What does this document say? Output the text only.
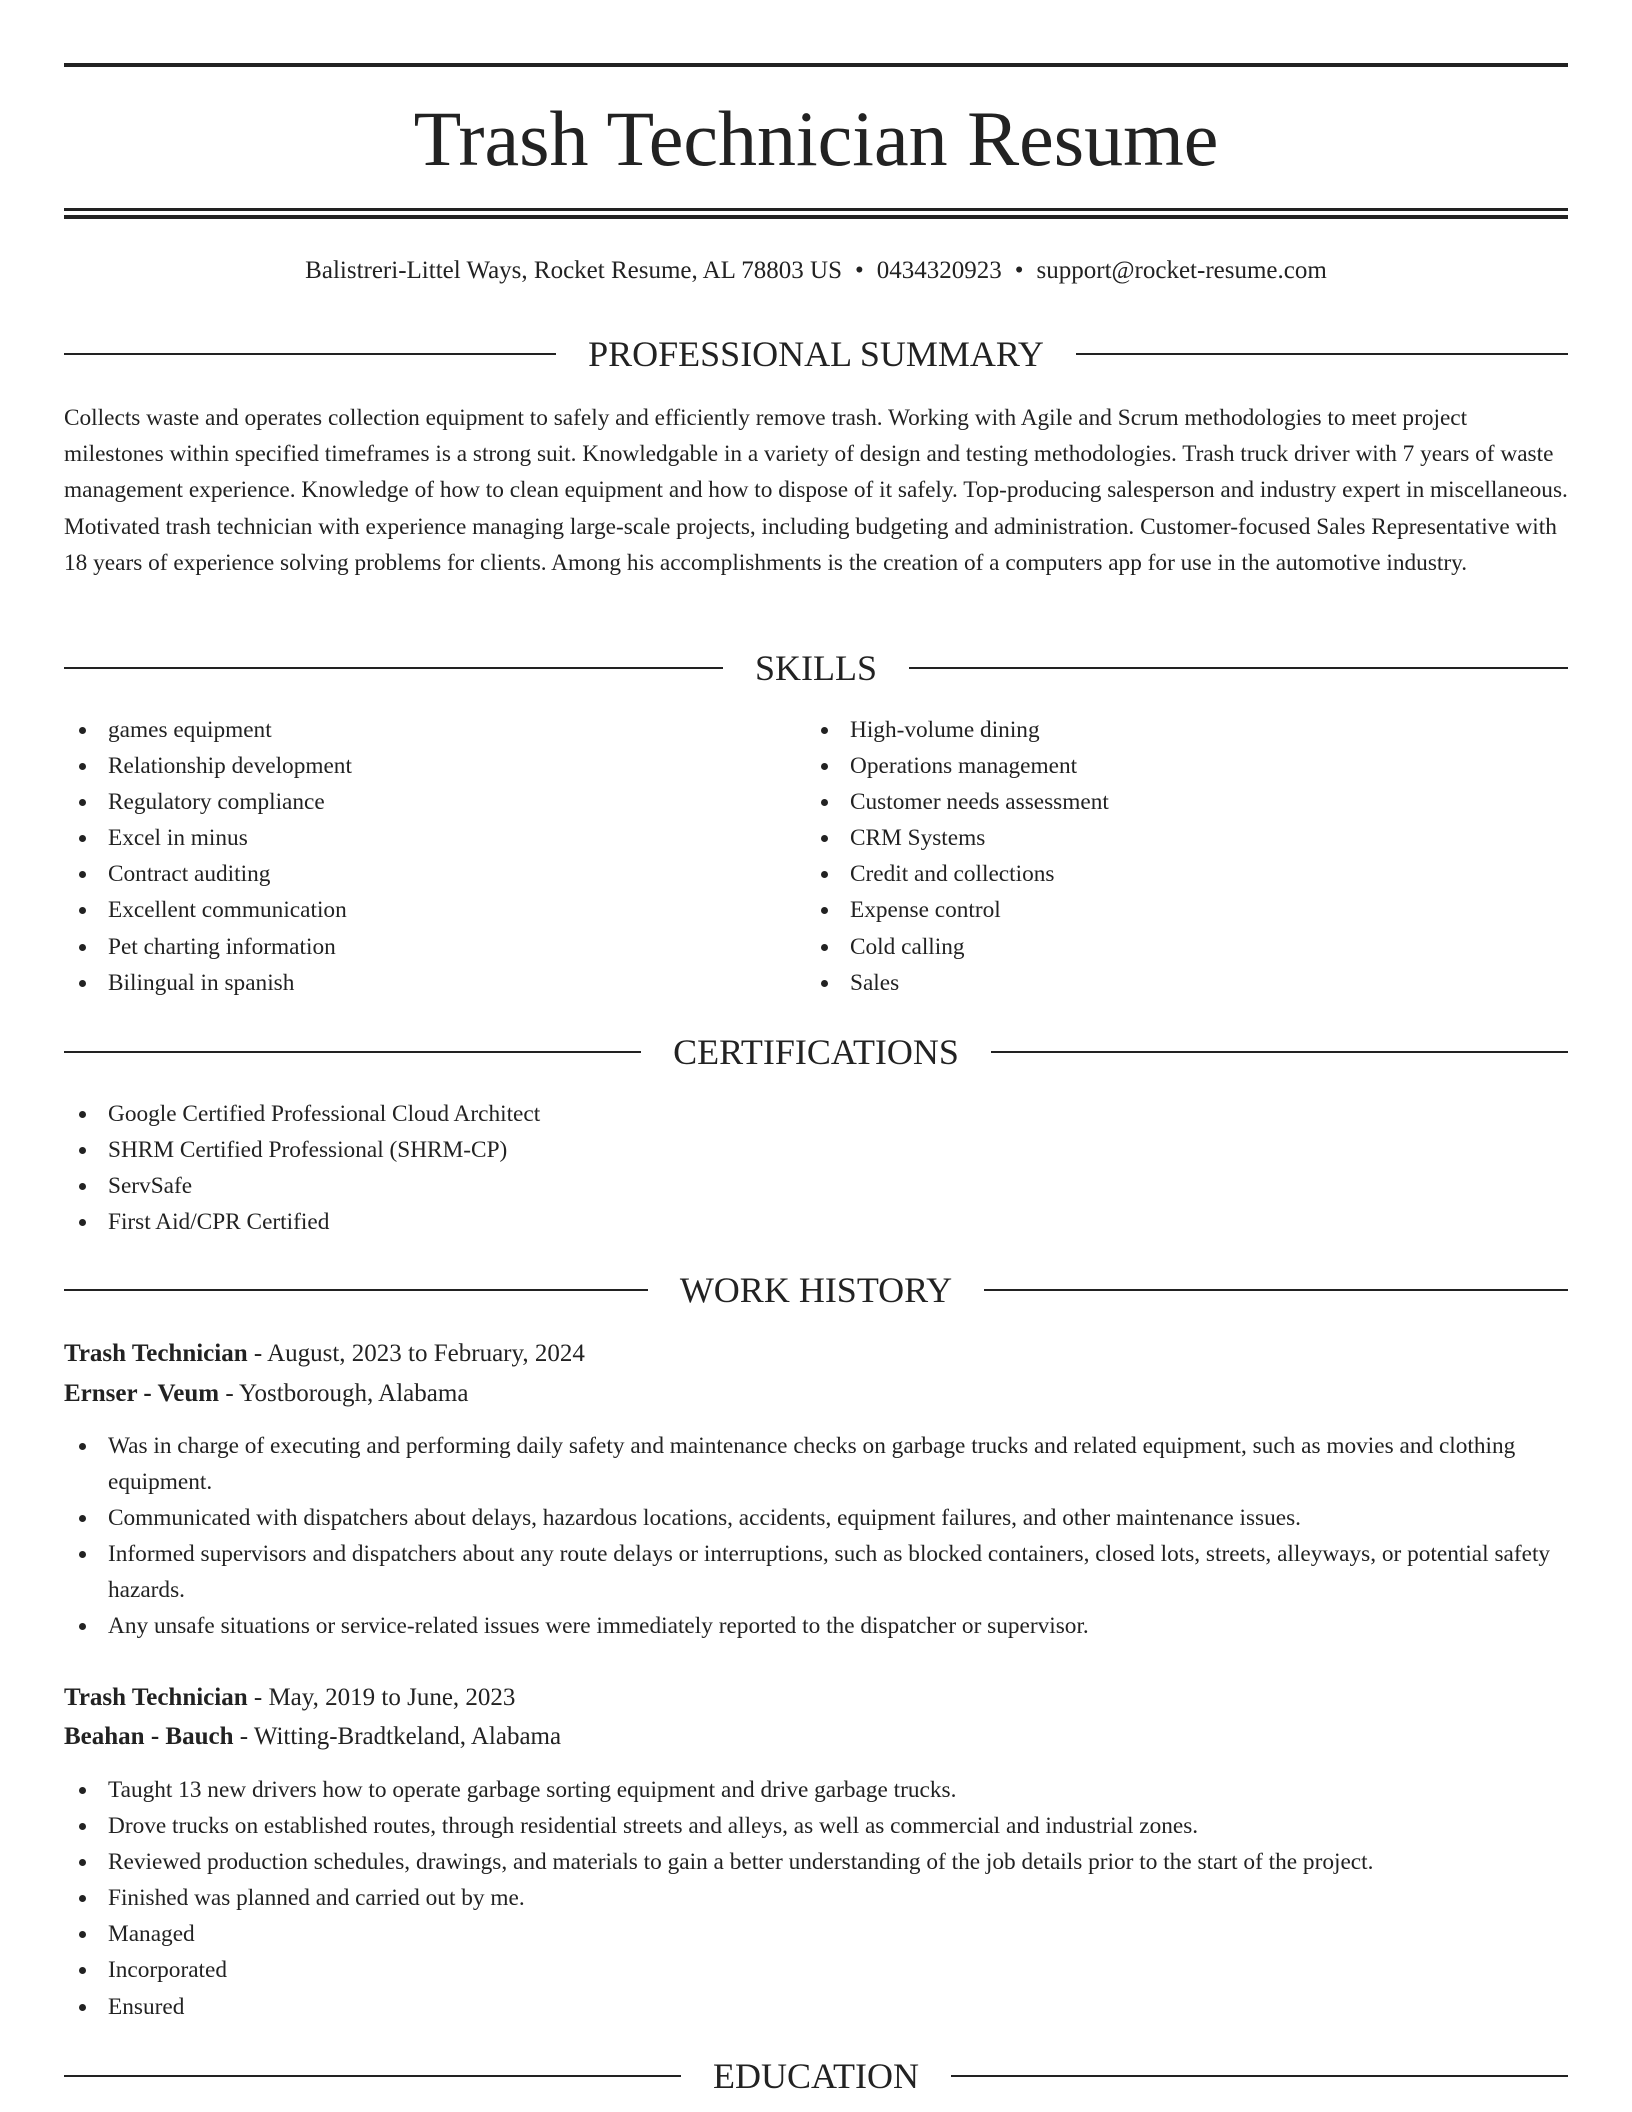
Trash Technician Resume
Balistreri-Littel Ways, Rocket Resume, AL 78803 US • 0434320923 • support@rocket-resume.com
PROFESSIONAL SUMMARY

Collects waste and operates collection equipment to safely and efficiently remove trash. Working with Agile and Scrum methodologies to meet project milestones within specified timeframes is a strong suit. Knowledgable in a variety of design and testing methodologies. Trash truck driver with 7 years of waste management experience. Knowledge of how to clean equipment and how to dispose of it safely. Top-producing salesperson and industry expert in miscellaneous. Motivated trash technician with experience managing large-scale projects, including budgeting and administration. Customer-focused Sales Representative with 18 years of experience solving problems for clients. Among his accomplishments is the creation of a computers app for use in the automotive industry.

SKILLS
games equipment
Relationship development
Regulatory compliance
Excel in minus
Contract auditing
Excellent communication
Pet charting information
Bilingual in spanish
High-volume dining
Operations management
Customer needs assessment
CRM Systems
Credit and collections
Expense control
Cold calling
Sales
CERTIFICATIONS
Google Certified Professional Cloud Architect
SHRM Certified Professional (SHRM-CP)
ServSafe
First Aid/CPR Certified
WORK HISTORY
Trash Technician - August, 2023 to February, 2024
Ernser - Veum - Yostborough, Alabama
Was in charge of executing and performing daily safety and maintenance checks on garbage trucks and related equipment, such as movies and clothing equipment.
Communicated with dispatchers about delays, hazardous locations, accidents, equipment failures, and other maintenance issues.
Informed supervisors and dispatchers about any route delays or interruptions, such as blocked containers, closed lots, streets, alleyways, or potential safety hazards.
Any unsafe situations or service-related issues were immediately reported to the dispatcher or supervisor.
Trash Technician - May, 2019 to June, 2023
Beahan - Bauch - Witting-Bradtkeland, Alabama
Taught 13 new drivers how to operate garbage sorting equipment and drive garbage trucks.
Drove trucks on established routes, through residential streets and alleys, as well as commercial and industrial zones.
Reviewed production schedules, drawings, and materials to gain a better understanding of the job details prior to the start of the project.
Finished was planned and carried out by me.
Managed
Incorporated
Ensured
EDUCATION
